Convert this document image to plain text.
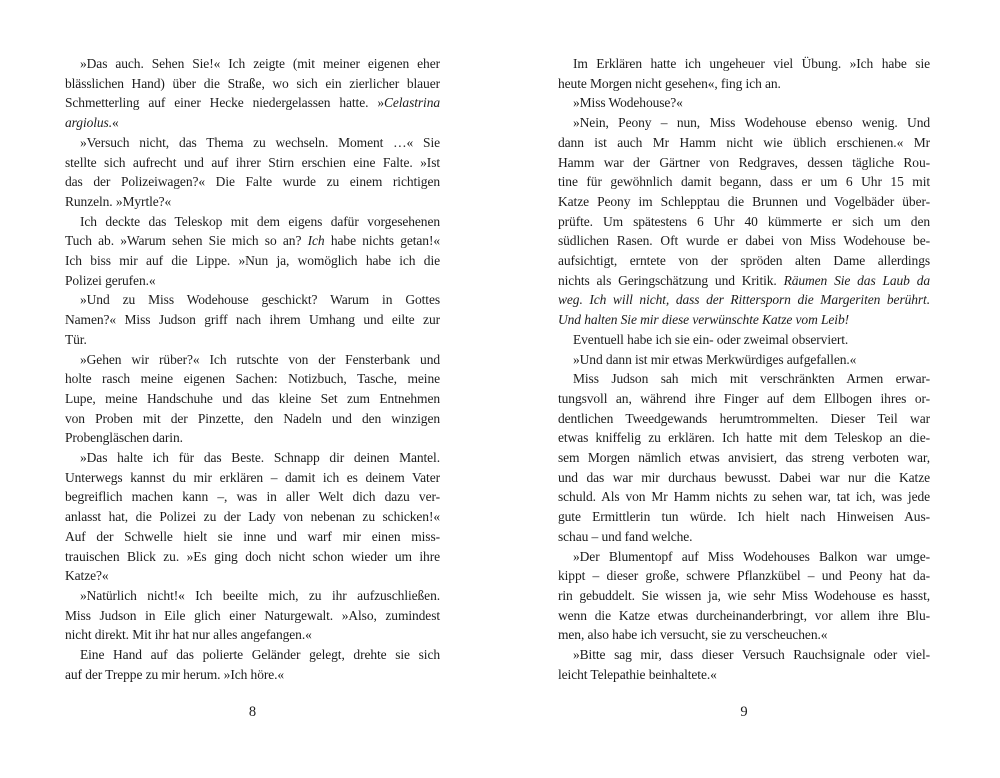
»Das auch. Sehen Sie!« Ich zeigte (mit meiner eigenen eher
blässlichen Hand) über die Straße, wo sich ein zierlicher blauer
Schmetterling auf einer Hecke niedergelassen hatte. »Celastrina
argiolus.«
»Versuch nicht, das Thema zu wechseln. Moment …« Sie
stellte sich aufrecht und auf ihrer Stirn erschien eine Falte. »Ist
das der Polizeiwagen?« Die Falte wurde zu einem richtigen
Runzeln. »Myrtle?«
Ich deckte das Teleskop mit dem eigens dafür vorgesehenen
Tuch ab. »Warum sehen Sie mich so an? Ich habe nichts getan!«
Ich biss mir auf die Lippe. »Nun ja, womöglich habe ich die
Polizei gerufen.«
»Und zu Miss Wodehouse geschickt? Warum in Gottes
Namen?« Miss Judson griff nach ihrem Umhang und eilte zur
Tür.
»Gehen wir rüber?« Ich rutschte von der Fensterbank und
holte rasch meine eigenen Sachen: Notizbuch, Tasche, meine
Lupe, meine Handschuhe und das kleine Set zum Entnehmen
von Proben mit der Pinzette, den Nadeln und den winzigen
Probengläschen darin.
»Das halte ich für das Beste. Schnapp dir deinen Mantel.
Unterwegs kannst du mir erklären – damit ich es deinem Vater
begreiflich machen kann –, was in aller Welt dich dazu ver-
anlasst hat, die Polizei zu der Lady von nebenan zu schicken!«
Auf der Schwelle hielt sie inne und warf mir einen miss-
trauischen Blick zu. »Es ging doch nicht schon wieder um ihre
Katze?«
»Natürlich nicht!« Ich beeilte mich, zu ihr aufzuschließen.
Miss Judson in Eile glich einer Naturgewalt. »Also, zumindest
nicht direkt. Mit ihr hat nur alles angefangen.«
Eine Hand auf das polierte Geländer gelegt, drehte sie sich
auf der Treppe zu mir herum. »Ich höre.«
Im Erklären hatte ich ungeheuer viel Übung. »Ich habe sie
heute Morgen nicht gesehen«, fing ich an.
»Miss Wodehouse?«
»Nein, Peony – nun, Miss Wodehouse ebenso wenig. Und
dann ist auch Mr Hamm nicht wie üblich erschienen.« Mr
Hamm war der Gärtner von Redgraves, dessen tägliche Rou-
tine für gewöhnlich damit begann, dass er um 6 Uhr 15 mit
Katze Peony im Schlepptau die Brunnen und Vogelbäder über-
prüfte. Um spätestens 6 Uhr 40 kümmerte er sich um den
südlichen Rasen. Oft wurde er dabei von Miss Wodehouse be-
aufsichtigt, erntete von der spröden alten Dame allerdings
nichts als Geringschätzung und Kritik. Räumen Sie das Laub da
weg. Ich will nicht, dass der Rittersporn die Margeriten berührt.
Und halten Sie mir diese verwünschte Katze vom Leib!
Eventuell habe ich sie ein- oder zweimal observiert.
»Und dann ist mir etwas Merkwürdiges aufgefallen.«
Miss Judson sah mich mit verschränkten Armen erwar-
tungsvoll an, während ihre Finger auf dem Ellbogen ihres or-
dentlichen Tweedgewands herumtrommelten. Dieser Teil war
etwas kniffelig zu erklären. Ich hatte mit dem Teleskop an die-
sem Morgen nämlich etwas anvisiert, das streng verboten war,
und das war mir durchaus bewusst. Dabei war nur die Katze
schuld. Als von Mr Hamm nichts zu sehen war, tat ich, was jede
gute Ermittlerin tun würde. Ich hielt nach Hinweisen Aus-
schau – und fand welche.
»Der Blumentopf auf Miss Wodehouses Balkon war umge-
kippt – dieser große, schwere Pflanzkübel – und Peony hat da-
rin gebuddelt. Sie wissen ja, wie sehr Miss Wodehouse es hasst,
wenn die Katze etwas durcheinanderbringt, vor allem ihre Blu-
men, also habe ich versucht, sie zu verscheuchen.«
»Bitte sag mir, dass dieser Versuch Rauchsignale oder viel-
leicht Telepathie beinhaltete.«
8	9
